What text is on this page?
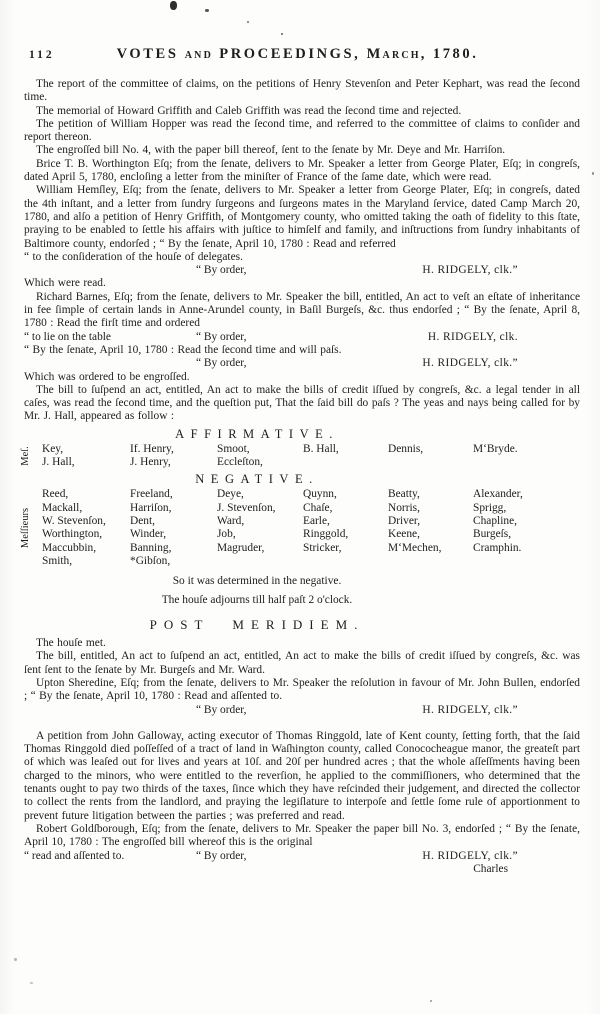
112	VOTES and PROCEEDINGS, March, 1780.

The report of the committee of claims, on the petitions of Henry Stevenſon and Peter Kephart, was read the ſecond time.

The memorial of Howard Griffith and Caleb Griffith was read the ſecond time and rejected.

The petition of William Hopper was read the ſecond time, and referred to the committee of claims to conſider and report thereon.

The engroſſed bill No. 4, with the paper bill thereof, ſent to the ſenate by Mr. Deye and Mr. Harriſon.

Brice T. B. Worthington Eſq; from the ſenate, delivers to Mr. Speaker a letter from George Plater, Eſq; in congreſs, dated April 5, 1780, encloſing a letter from the miniſter of France of the ſame date, which were read.

William Hemſley, Eſq; from the ſenate, delivers to Mr. Speaker a letter from George Plater, Eſq; in congreſs, dated the 4th inſtant, and a letter from ſundry ſurgeons and ſurgeons mates in the Maryland ſervice, dated Camp March 20, 1780, and alſo a petition of Henry Griffith, of Montgomery county, who omitted taking the oath of fidelity to this ſtate, praying to be enabled to ſettle his affairs with juſtice to himſelf and family, and inſtructions from ſundry inhabitants of Baltimore county, endorſed ; “ By the ſenate, April 10, 1780 : Read and referred

“ to the conſideration of the houſe of delegates.

“ By order,	H. RIDGELY, clk.”

Which were read.

Richard Barnes, Eſq; from the ſenate, delivers to Mr. Speaker the bill, entitled, An act to veſt an eſtate of inheritance in fee ſimple of certain lands in Anne-Arundel county, in Baſil Burgeſs, &c. thus endorſed ; “ By the ſenate, April 8, 1780 : Read the firſt time and ordered

“ to lie on the table	“ By order,	H. RIDGELY, clk.

“ By the ſenate, April 10, 1780 : Read the ſecond time and will paſs.

“ By order,	H. RIDGELY, clk.”

Which was ordered to be engroſſed.

The bill to ſuſpend an act, entitled, An act to make the bills of credit iſſued by congreſs, &c. a legal tender in all caſes, was read the ſecond time, and the queſtion put, That the ſaid bill do paſs ? The yeas and nays being called for by Mr. J. Hall, appeared as follow :

AFFIRMATIVE.
Meſ. Key,	If. Henry,	Smoot,	B. Hall,	Dennis,	M‘Bryde.
J. Hall,	J. Henry,	Eccleſton,
NEGATIVE.
Meſſieurs
Reed,	Freeland,	Deye,	Quynn,	Beatty,	Alexander,
Mackall,	Harriſon,	J. Stevenſon,	Chaſe,	Norris,	Sprigg,
W. Stevenſon,	Dent,	Ward,	Earle,	Driver,	Chapline,
Worthington,	Winder,	Job,	Ringgold,	Keene,	Burgeſs,
Maccubbin,	Banning,	Magruder,	Stricker,	M‘Mechen,	Cramphin.
Smith,	*Gibſon,
So it was determined in the negative.
The houſe adjourns till half paſt 2 o'clock.
POST MERIDIEM.

The houſe met.

The bill, entitled, An act to ſuſpend an act, entitled, An act to make the bills of credit iſſued by congreſs, &c. was ſent ſent to the ſenate by Mr. Burgeſs and Mr. Ward.

Upton Sheredine, Eſq; from the ſenate, delivers to Mr. Speaker the reſolution in favour of Mr. John Bullen, endorſed ; “ By the ſenate, April 10, 1780 : Read and aſſented to.

“ By order,	H. RIDGELY, clk.”

A petition from John Galloway, acting executor of Thomas Ringgold, late of Kent county, ſetting forth, that the ſaid Thomas Ringgold died poſſeſſed of a tract of land in Waſhington county, called Conococheague manor, the greateſt part of which was leaſed out for lives and years at 10ſ. and 20ſ per hundred acres ; that the whole aſſeſſments having been charged to the minors, who were entitled to the reverſion, he applied to the commiſſioners, who determined that the tenants ought to pay two thirds of the taxes, ſince which they have reſcinded their judgement, and directed the collector to collect the rents from the landlord, and praying the legiſlature to interpoſe and ſettle ſome rule of apportionment to prevent future litigation between the parties ; was preferred and read.

Robert Goldſborough, Eſq; from the ſenate, delivers to Mr. Speaker the paper bill No. 3, endorſed ; “ By the ſenate, April 10, 1780 : The engroſſed bill whereof this is the original

“ read and aſſented to.	“ By order,	H. RIDGELY, clk.”

Charles
